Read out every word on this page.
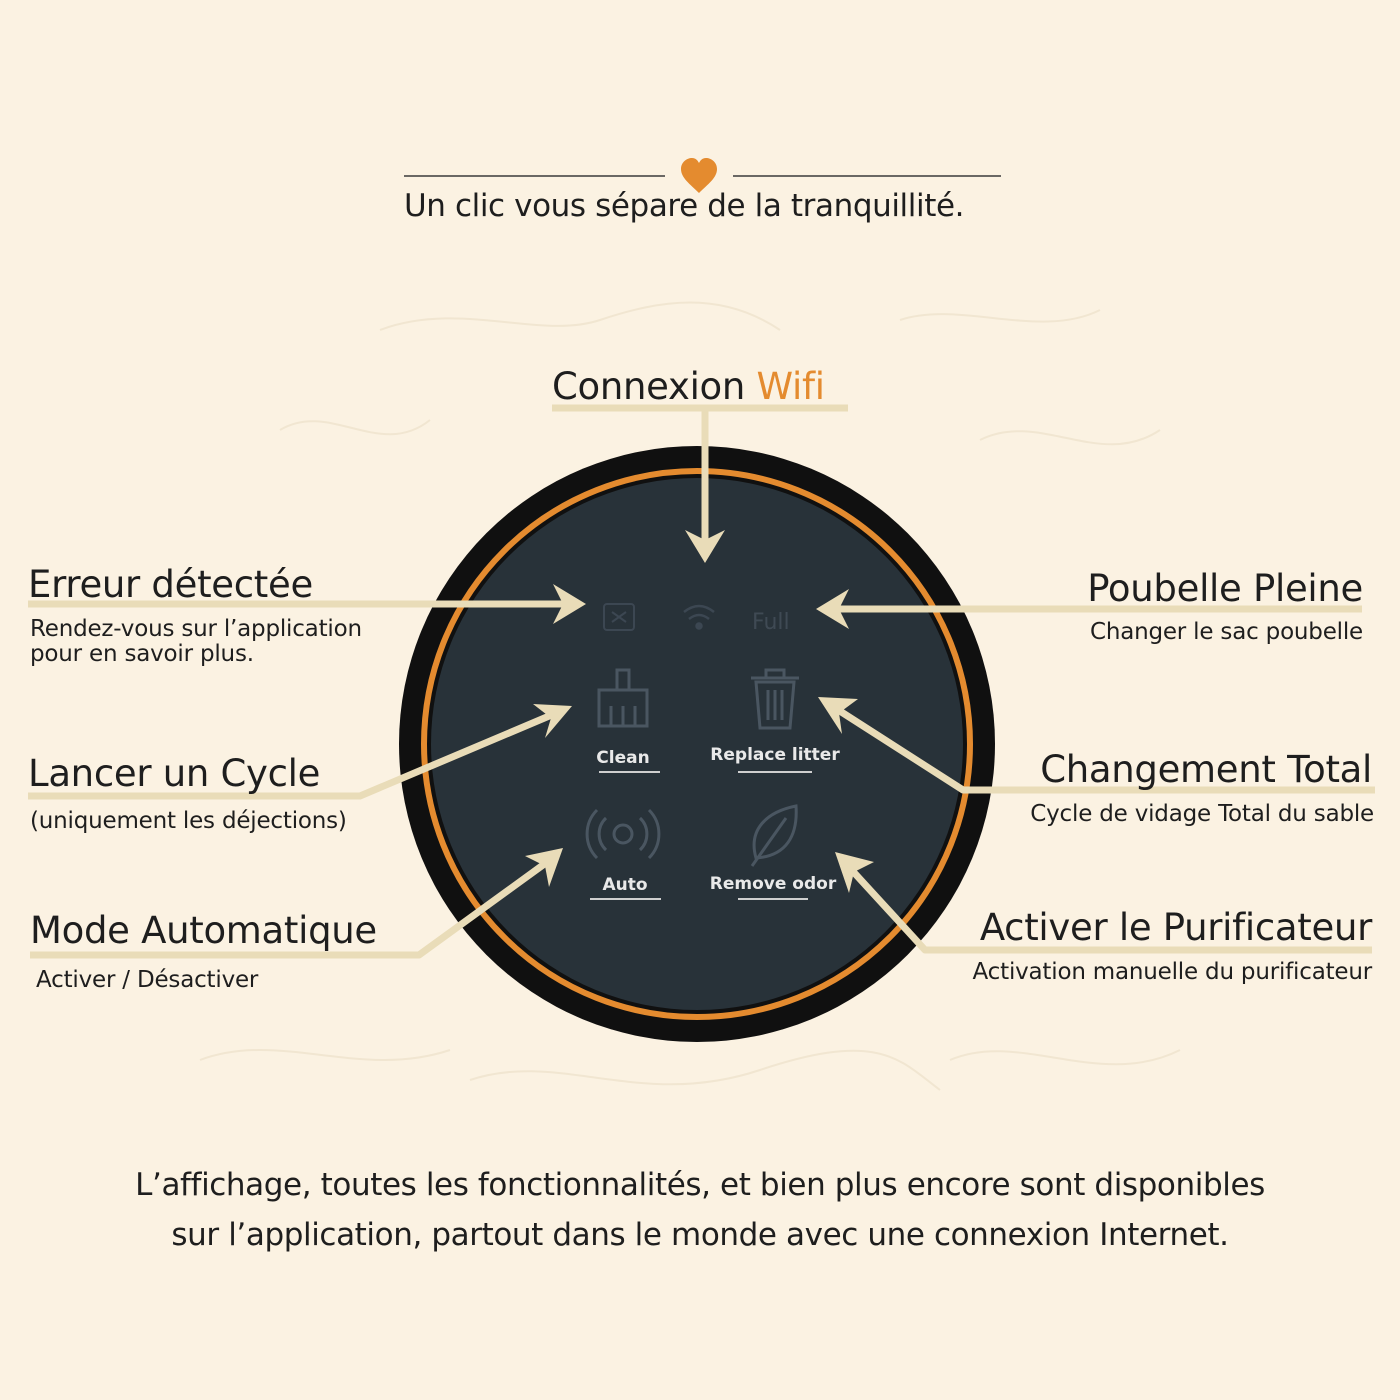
Un clic vous sépare de la tranquillité.
Connexion Wifi
Erreur détectée
Rendez-vous sur l’application
pour en savoir plus.
Poubelle Pleine
Changer le sac poubelle
Lancer un Cycle
(uniquement les déjections)
Changement Total
Cycle de vidage Total du sable
Mode Automatique
Activer / Désactiver
Activer le Purificateur
Activation manuelle du purificateur
Full
Clean	Replace litter
Auto	Remove odor
L’affichage, toutes les fonctionnalités, et bien plus encore sont disponibles
sur l’application, partout dans le monde avec une connexion Internet.
